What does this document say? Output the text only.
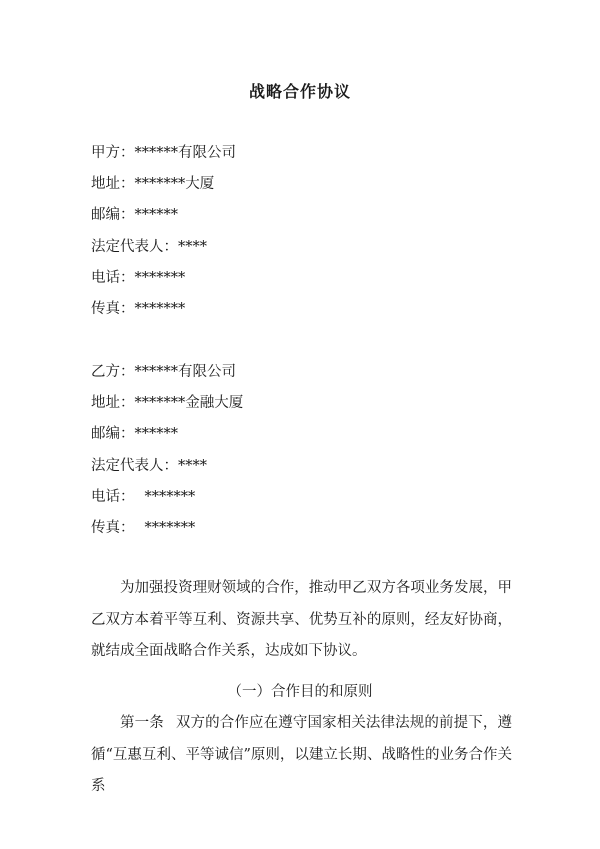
战略合作协议
甲方：******有限公司
地址：*******大厦
邮编：******
法定代表人：****
电话：*******
传真：*******
乙方：******有限公司
地址：*******金融大厦
邮编：******
法定代表人：****
电话： *******
传真： *******
为加强投资理财领域的合作，推动甲乙双方各项业务发展，甲乙双方本着平等互利、资源共享、优势互补的原则，经友好协商，就结成全面战略合作关系，达成如下协议。
（一）合作目的和原则
第一条 双方的合作应在遵守国家相关法律法规的前提下，遵循“互惠互利、平等诚信”原则，以建立长期、战略性的业务合作关系
